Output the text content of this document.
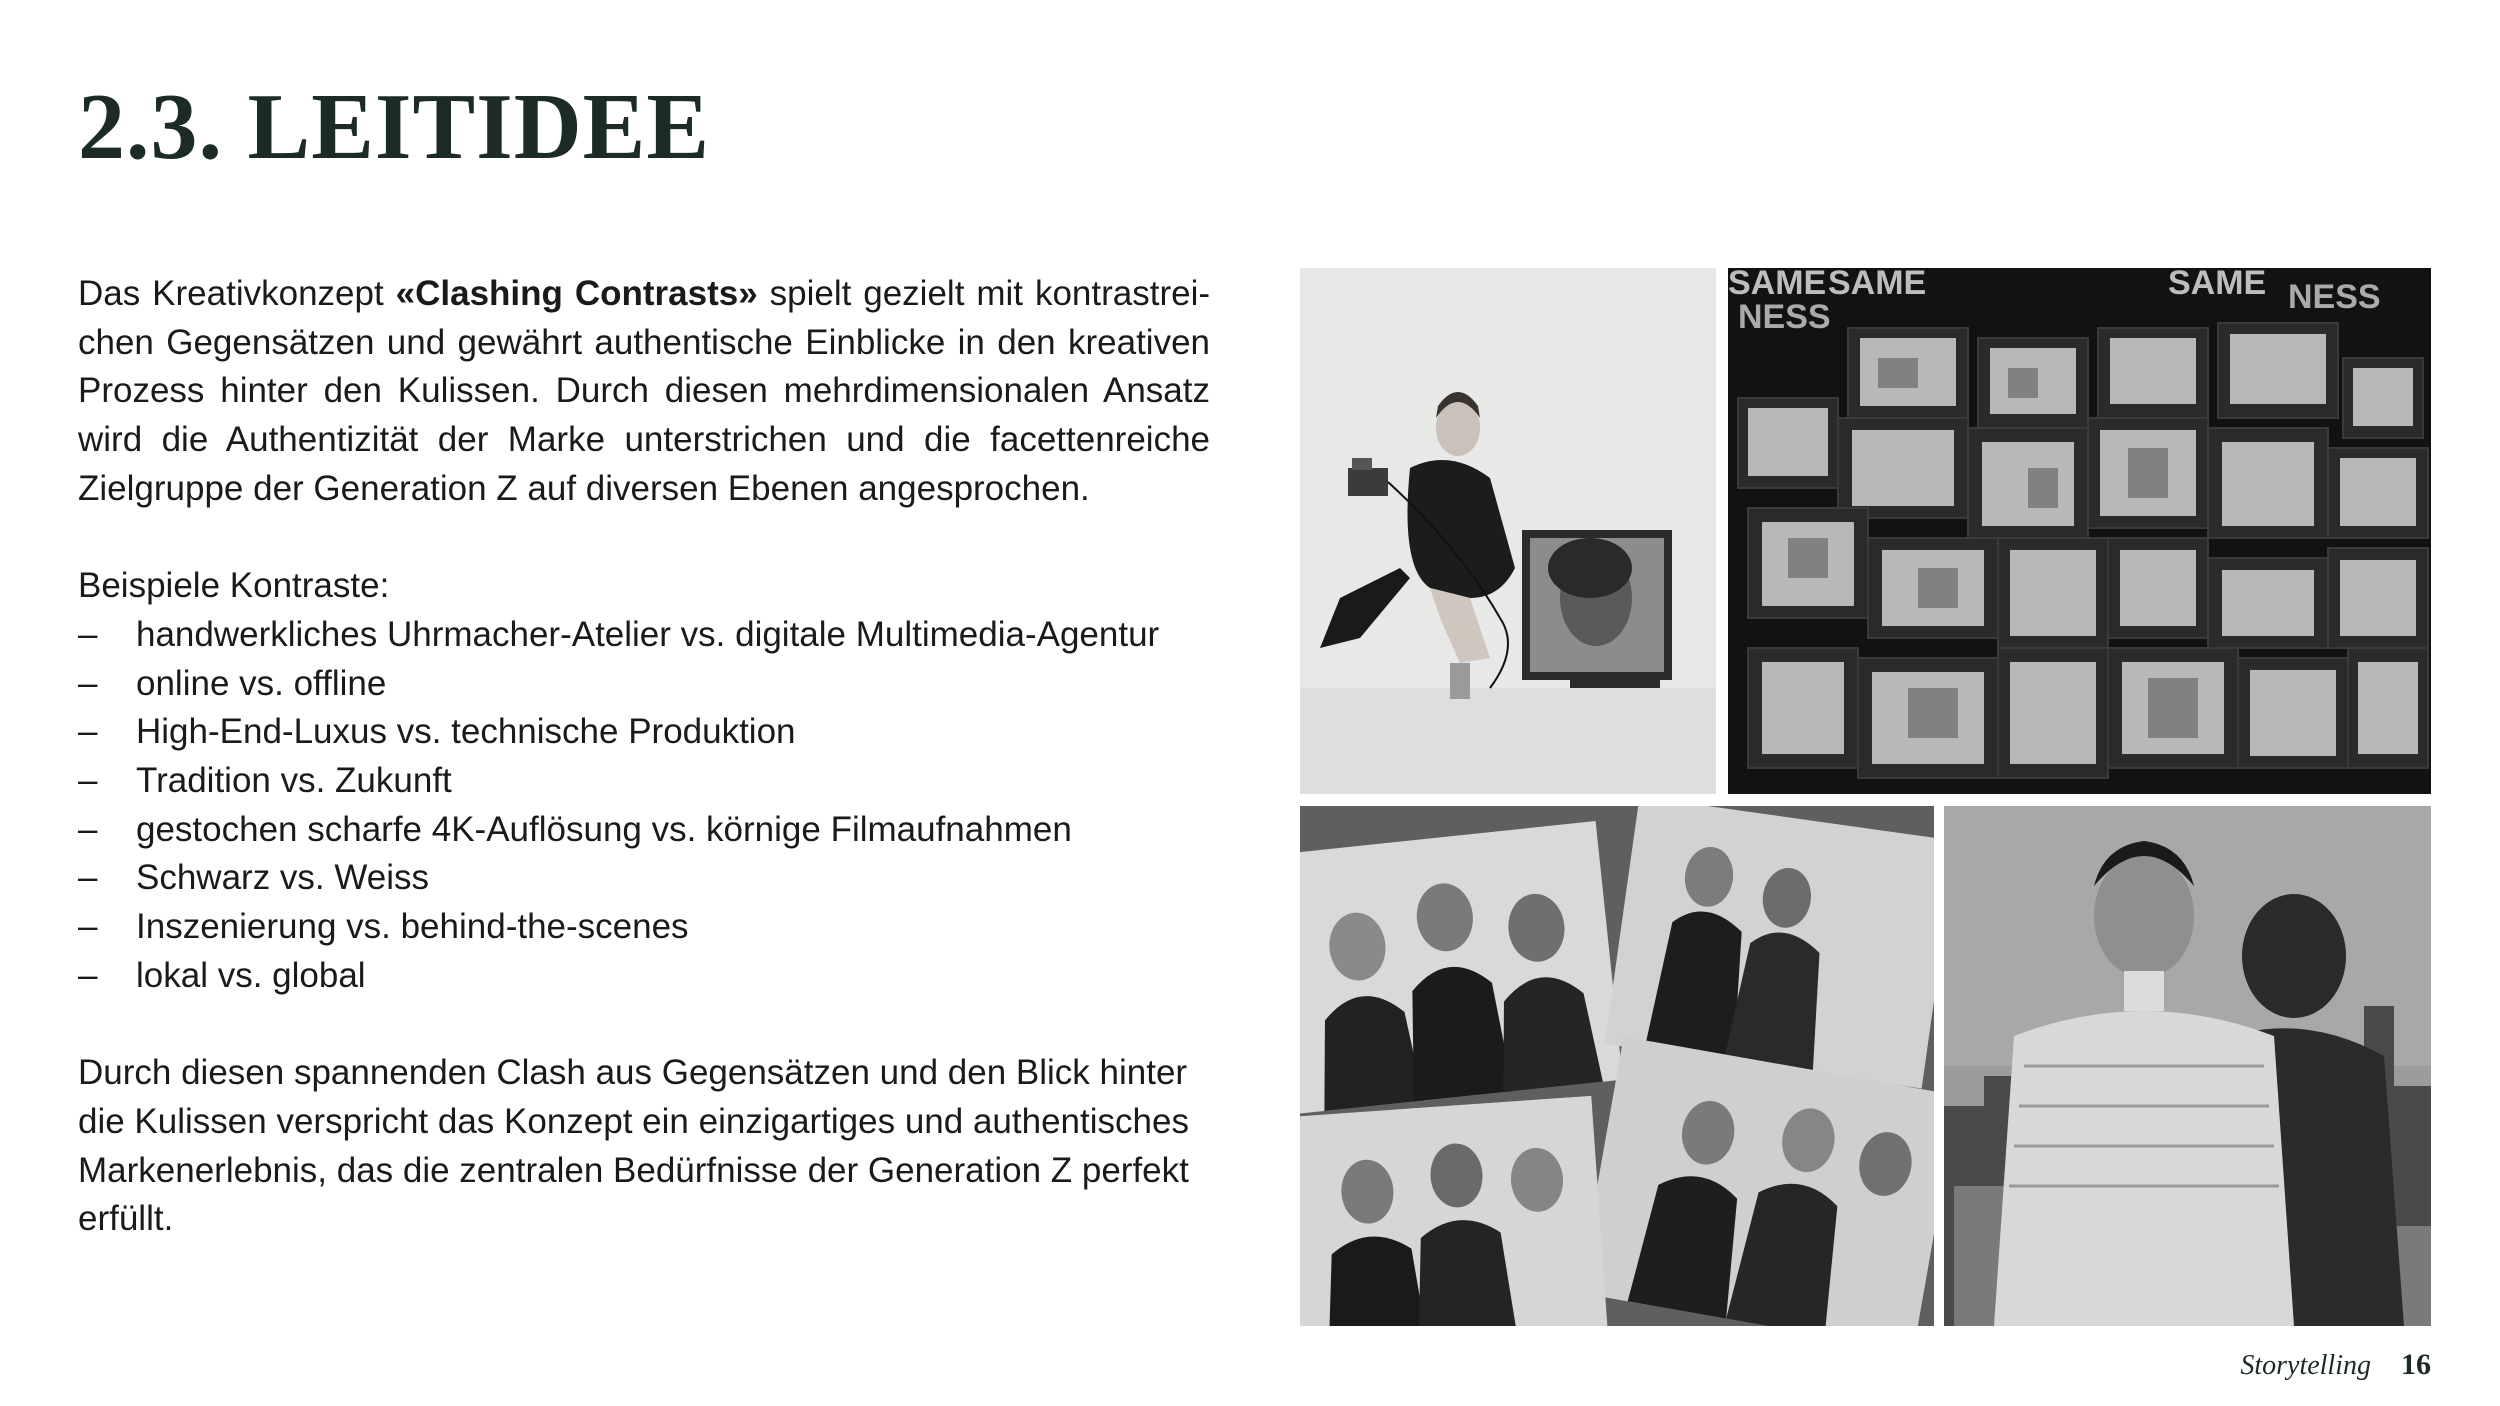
2.3. LEITIDEE

Das Kreativkonzept «Clashing Contrasts» spielt gezielt mit kontrastreichen Gegensätzen und gewährt authentische Einblicke in den kreativen Prozess hinter den Kulissen. Durch diesen mehrdimensionalen Ansatz wird die Authentizität der Marke unterstrichen und die facettenreiche Zielgruppe der Generation Z auf diversen Ebenen angesprochen.

Beispiele Kontraste:

– handwerkliches Uhrmacher-Atelier vs. digitale Multimedia-Agentur
– online vs. offline
– High-End-Luxus vs. technische Produktion
– Tradition vs. Zukunft
– gestochen scharfe 4K-Auflösung vs. körnige Filmaufnahmen
– Schwarz vs. Weiss
– Inszenierung vs. behind-the-scenes
– lokal vs. global

Durch diesen spannenden Clash aus Gegensätzen und den Blick hinter die Kulissen verspricht das Konzept ein einzigartiges und authentisches Markenerlebnis, das die zentralen Bedürfnisse der Generation Z perfekt erfüllt.

SAME SAME	SAME
NESS
NESS
Storytelling 16
